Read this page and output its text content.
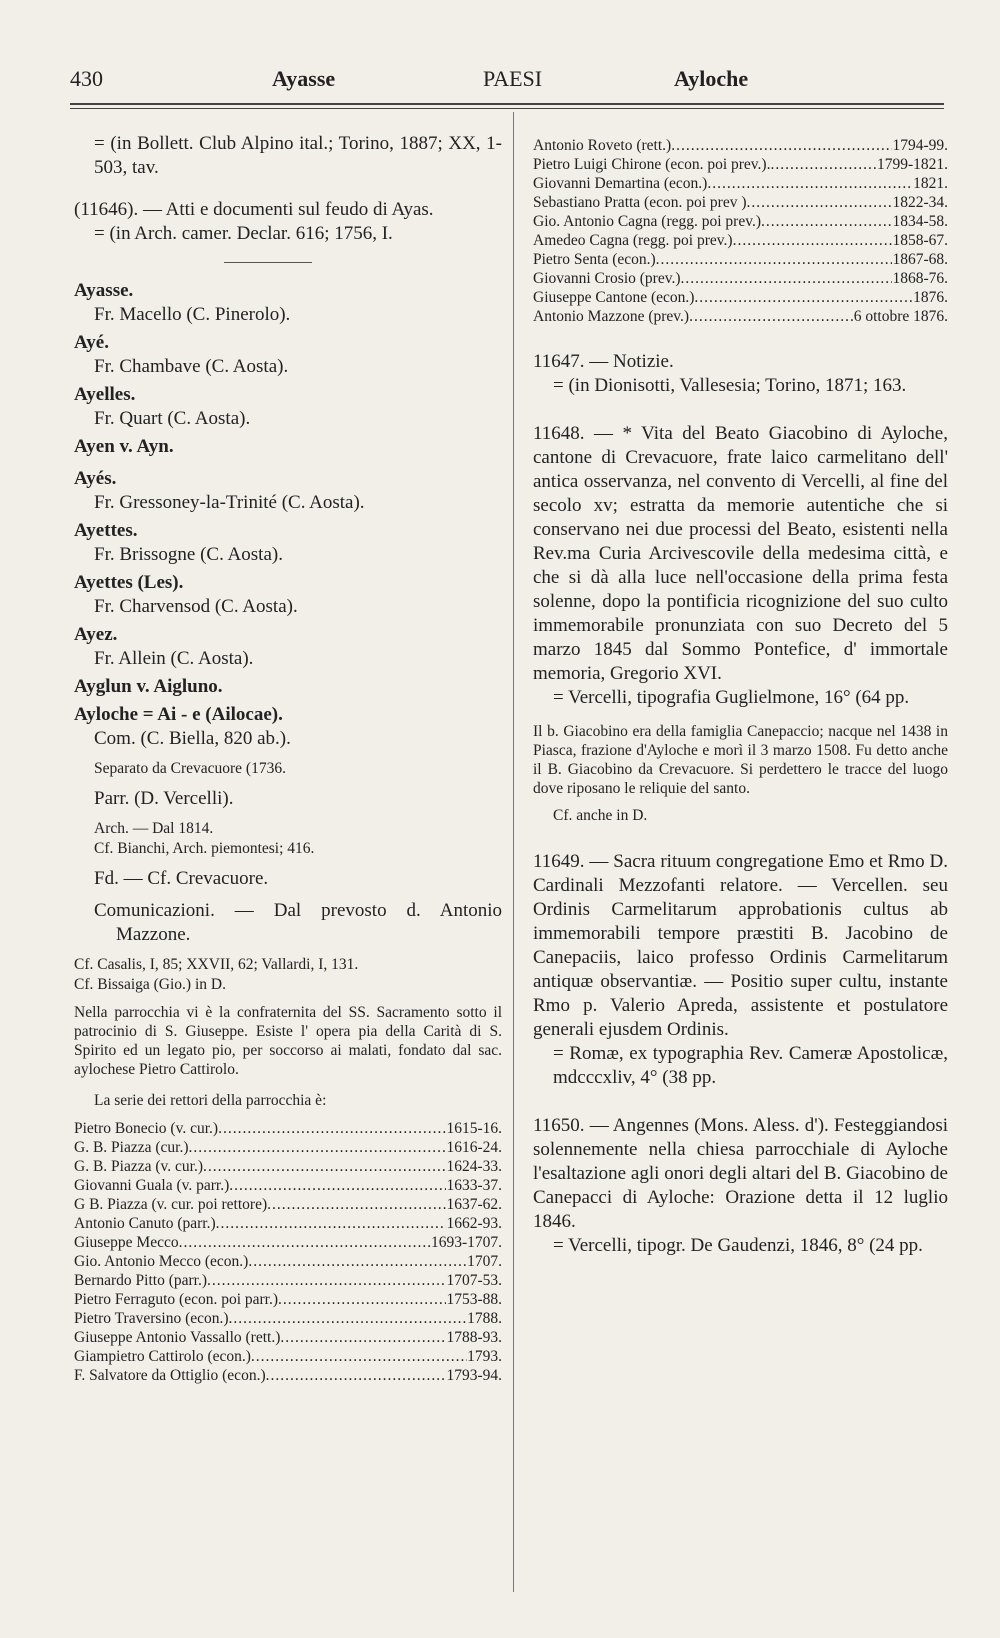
430	Ayasse	PAESI	Ayloche

= (in Bollett. Club Alpino ital.; Torino, 1887; XX, 1-503, tav.

(11646). — Atti e documenti sul feudo di Ayas.

= (in Arch. camer. Declar. 616; 1756, I.

Ayasse.

Fr. Macello (C. Pinerolo).

Ayé.

Fr. Chambave (C. Aosta).

Ayelles.

Fr. Quart (C. Aosta).

Ayen v. Ayn.

Ayés.

Fr. Gressoney-la-Trinité (C. Aosta).

Ayettes.

Fr. Brissogne (C. Aosta).

Ayettes (Les).

Fr. Charvensod (C. Aosta).

Ayez.

Fr. Allein (C. Aosta).

Ayglun v. Aigluno.

Ayloche = Ai - e (Ailocae).

Com. (C. Biella, 820 ab.).

Separato da Crevacuore (1736.

Parr. (D. Vercelli).

Arch. — Dal 1814.

Cf. Bianchi, Arch. piemontesi; 416.

Fd. — Cf. Crevacuore.

Comunicazioni. — Dal prevosto d. Antonio Mazzone.

Cf. Casalis, I, 85; XXVII, 62; Vallardi, I, 131.

Cf. Bissaiga (Gio.) in D.

Nella parrocchia vi è la confraternita del SS. Sacramento sotto il patrocinio di S. Giuseppe. Esiste l' opera pia della Carità di S. Spirito ed un legato pio, per soccorso ai malati, fondato dal sac. aylochese Pietro Cattirolo.

La serie dei rettori della parrocchia è:

Pietro Bonecio (v. cur.) .....	1615-16.
G. B. Piazza (cur.) .....	1616-24.
G. B. Piazza (v. cur.) .....	1624-33.
Giovanni Guala (v. parr.) .....	1633-37.
G B. Piazza (v. cur. poi rettore) .....	1637-62.
Antonio Canuto (parr.) .....	1662-93.
Giuseppe Mecco .....	1693-1707.
Gio. Antonio Mecco (econ.) .....	1707.
Bernardo Pitto (parr.) .....	1707-53.
Pietro Ferraguto (econ. poi parr.) .....	1753-88.
Pietro Traversino (econ.) .....	1788.
Giuseppe Antonio Vassallo (rett.) .....	1788-93.
Giampietro Cattirolo (econ.) .....	1793.
F. Salvatore da Ottiglio (econ.) .....	1793-94.
Antonio Roveto (rett.) .....	1794-99.
Pietro Luigi Chirone (econ. poi prev.). .....	1799-1821.
Giovanni Demartina (econ.) .....	1821.
Sebastiano Pratta (econ. poi prev ) .....	1822-34.
Gio. Antonio Cagna (regg. poi prev.) .....	1834-58.
Amedeo Cagna (regg. poi prev.) .....	1858-67.
Pietro Senta (econ.) .....	1867-68.
Giovanni Crosio (prev.) .....	1868-76.
Giuseppe Cantone (econ.) .....	1876.
Antonio Mazzone (prev.) .....	6 ottobre 1876.

11647. — Notizie.

= (in Dionisotti, Vallesesia; Torino, 1871; 163.

11648. — * Vita del Beato Giacobino di Ayloche, cantone di Crevacuore, frate laico carmelitano dell' antica osservanza, nel convento di Vercelli, al fine del secolo xv; estratta da memorie autentiche che si conservano nei due processi del Beato, esistenti nella Rev.ma Curia Arcivescovile della medesima città, e che si dà alla luce nell'occasione della prima festa solenne, dopo la pontificia ricognizione del suo culto immemorabile pronunziata con suo Decreto del 5 marzo 1845 dal Sommo Pontefice, d' immortale memoria, Gregorio XVI.

= Vercelli, tipografia Guglielmone, 16° (64 pp.

Il b. Giacobino era della famiglia Canepaccio; nacque nel 1438 in Piasca, frazione d'Ayloche e morì il 3 marzo 1508. Fu detto anche il B. Giacobino da Crevacuore. Si perdettero le tracce del luogo dove riposano le reliquie del santo.

Cf. anche in D.

11649. — Sacra rituum congregatione Emo et Rmo D. Cardinali Mezzofanti relatore. — Vercellen. seu Ordinis Carmelitarum approbationis cultus ab immemorabili tempore præstiti B. Jacobino de Canepaciis, laico professo Ordinis Carmelitarum antiquæ observantiæ. — Positio super cultu, instante Rmo p. Valerio Apreda, assistente et postulatore generali ejusdem Ordinis.

= Romæ, ex typographia Rev. Cameræ Apostolicæ, mdcccxliv, 4° (38 pp.

11650. — Angennes (Mons. Aless. d'). Festeggiandosi solennemente nella chiesa parrocchiale di Ayloche l'esaltazione agli onori degli altari del B. Giacobino de Canepacci di Ayloche: Orazione detta il 12 luglio 1846.

= Vercelli, tipogr. De Gaudenzi, 1846, 8° (24 pp.
